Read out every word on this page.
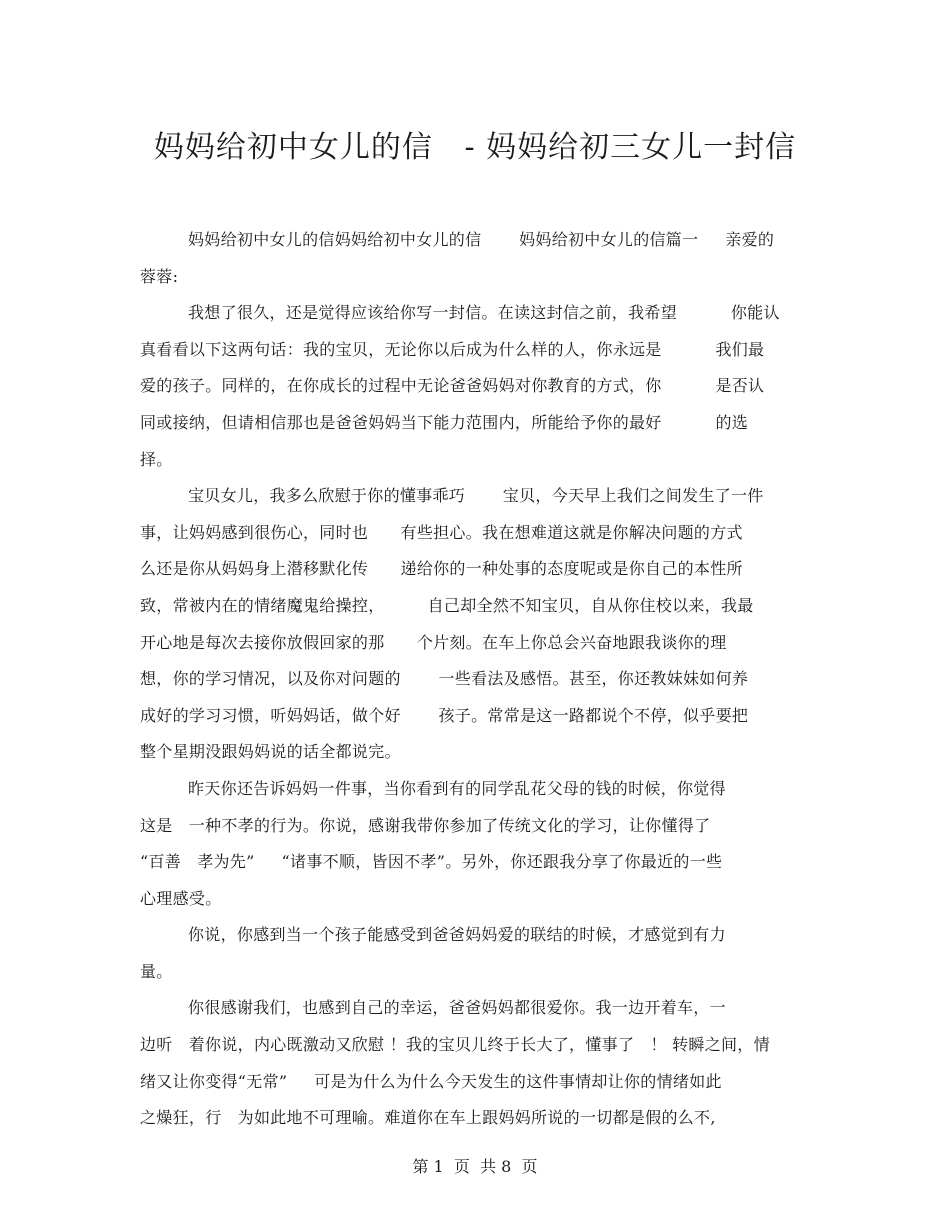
妈妈给初中女儿的信   - 妈妈给初三女儿一封信
妈妈给初中女儿的信妈妈给初中女儿的信       妈妈给初中女儿的信篇一     亲爱的
蓉蓉:
我想了很久，还是觉得应该给你写一封信。在读这封信之前，我希望          你能认
真看看以下这两句话：我的宝贝，无论你以后成为什么样的人，你永远是          我们最
爱的孩子。同样的，在你成长的过程中无论爸爸妈妈对你教育的方式，你          是否认
同或接纳，但请相信那也是爸爸妈妈当下能力范围内，所能给予你的最好          的选
择。
宝贝女儿，我多么欣慰于你的懂事乖巧       宝贝，今天早上我们之间发生了一件
事，让妈妈感到很伤心，同时也      有些担心。我在想难道这就是你解决问题的方式
么还是你从妈妈身上潜移默化传      递给你的一种处事的态度呢或是你自己的本性所
致，常被内在的情绪魔鬼给操控，        自己却全然不知宝贝，自从你住校以来，我最
开心地是每次去接你放假回家的那      个片刻。在车上你总会兴奋地跟我谈你的理
想，你的学习情况，以及你对问题的       一些看法及感悟。甚至，你还教妹妹如何养
成好的学习习惯，听妈妈话，做个好       孩子。常常是这一路都说个不停，似乎要把
整个星期没跟妈妈说的话全都说完。
昨天你还告诉妈妈一件事，当你看到有的同学乱花父母的钱的时候，你觉得
这是   一种不孝的行为。你说，感谢我带你参加了传统文化的学习，让你懂得了
“百善   孝为先”     “诸事不顺，皆因不孝”。另外，你还跟我分享了你最近的一些
心理感受。
你说，你感到当一个孩子能感受到爸爸妈妈爱的联结的时候，才感觉到有力
量。
你很感谢我们，也感到自己的幸运，爸爸妈妈都很爱你。我一边开着车，一
边听   着你说，内心既激动又欣慰 ！我的宝贝儿终于长大了，懂事了   ！ 转瞬之间，情
绪又让你变得“无常”     可是为什么为什么今天发生的这件事情却让你的情绪如此
之燥狂，行   为如此地不可理喻。难道你在车上跟妈妈所说的一切都是假的么不,
第 1  页  共 8  页
